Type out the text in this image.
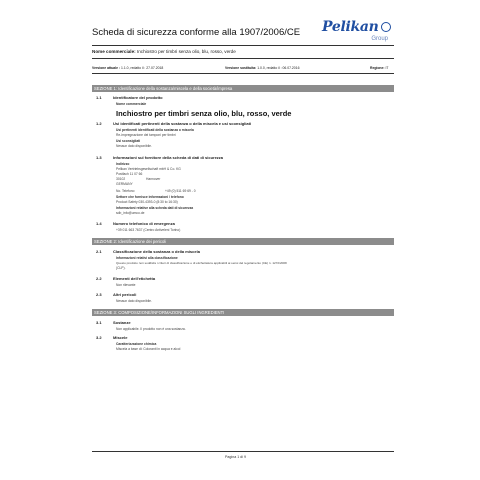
Scheda di sicurezza conforme alla 1907/2006/CE Pelikan
Group
Nome commerciale: Inchiostro per timbri senza olio, blu, rosso, verde
Versione attuale : 1.1.0, redatto il : 27.07.2018	Versione sostituita: 1.0.0, redatto il : 06.07.2016	Regione: IT
SEZIONE 1: Identificazione della sostanza/miscela e della società/impresa
1.1	Identificatore del prodotto
Nome commerciale
Inchiostro per timbri senza olio, blu, rosso, verde
1.2	Usi identificati pertinenti della sostanza o della miscela e usi sconsigliati
Usi pertinenti identificati della sostanza o miscela
Re-impregnazione dei tamponi per timbri
Usi sconsigliati
Nessun dato disponibile.
1.3	Informazioni sul fornitore della scheda di dati di sicurezza
Indirizzo
Pelikan Vertriebsgesellschaft mbH & Co. KG
Postfach 11 07 66
30102	Hannover
GERMANY
No. Telefono	+49 (0) 511 69 69 - 0
Settore che fornisce informazioni / telefono
Product Safety 030-4393-0 (8:30 to 16:30)
Informazioni relative alla scheda dati di sicurezza
sdb_info@umco.de
1.4	Numero telefonico di emergenza
+39 011 663 7637 (Centro Antiveleni Torino)
SEZIONE 2: Identificazione dei pericoli
2.1	Classificazione della sostanza o della miscela
Informazioni relativi alla classificazione
Questo prodotto non soddisfa i criteri di classificazione e di etichettatura applicabili ai sensi del regolamento (CE) n. 1272/2008
(CLP).
2.2	Elementi dell'etichetta
Non rilevante
2.3	Altri pericoli
Nessun dato disponibile.
SEZIONE 3: COMPOSIZIONE/INFORMAZIONI SUGLI INGREDIENTI
3.1	Sostanze
Non applicabile. Il prodotto non è una sostanza.
3.2	Miscele
Caratterizzazione chimica
Miscela a base di: Coloranti in acqua e alcol
Pagina 1 di 9
